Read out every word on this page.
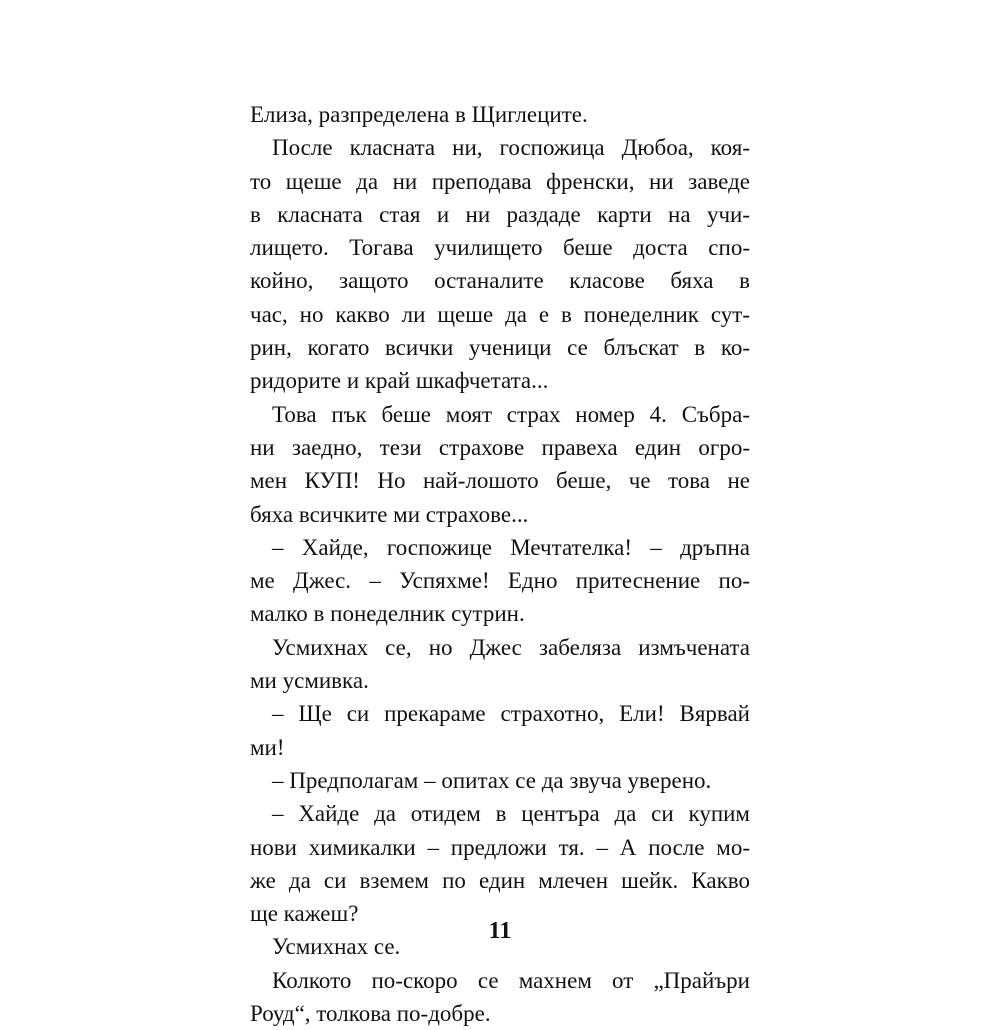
Елиза, разпределена в Щиглеците.
После класната ни, госпожица Дюбоа, коя-
то щеше да ни преподава френски, ни заведе
в класната стая и ни раздаде карти на учи-
лището. Тогава училището беше доста спо-
койно, защото останалите класове бяха в
час, но какво ли щеше да е в понеделник сут-
рин, когато всички ученици се блъскат в ко-
ридорите и край шкафчетата...
Това пък беше моят страх номер 4. Събра-
ни заедно, тези страхове правеха един огро-
мен КУП! Но най-лошото беше, че това не
бяха всичките ми страхове...
– Хайде, госпожице Мечтателка! – дръпна
ме Джес. – Успяхме! Едно притеснение по-
малко в понеделник сутрин.
Усмихнах се, но Джес забеляза измъчената
ми усмивка.
– Ще си прекараме страхотно, Ели! Вярвай
ми!
– Предполагам – опитах се да звуча уверено.
– Хайде да отидем в центъра да си купим
нови химикалки – предложи тя. – А после мо-
же да си вземем по един млечен шейк. Какво
ще кажеш?
Усмихнах се.
Колкото по-скоро се махнем от „Прайъри
Роуд“, толкова по-добре.
11
